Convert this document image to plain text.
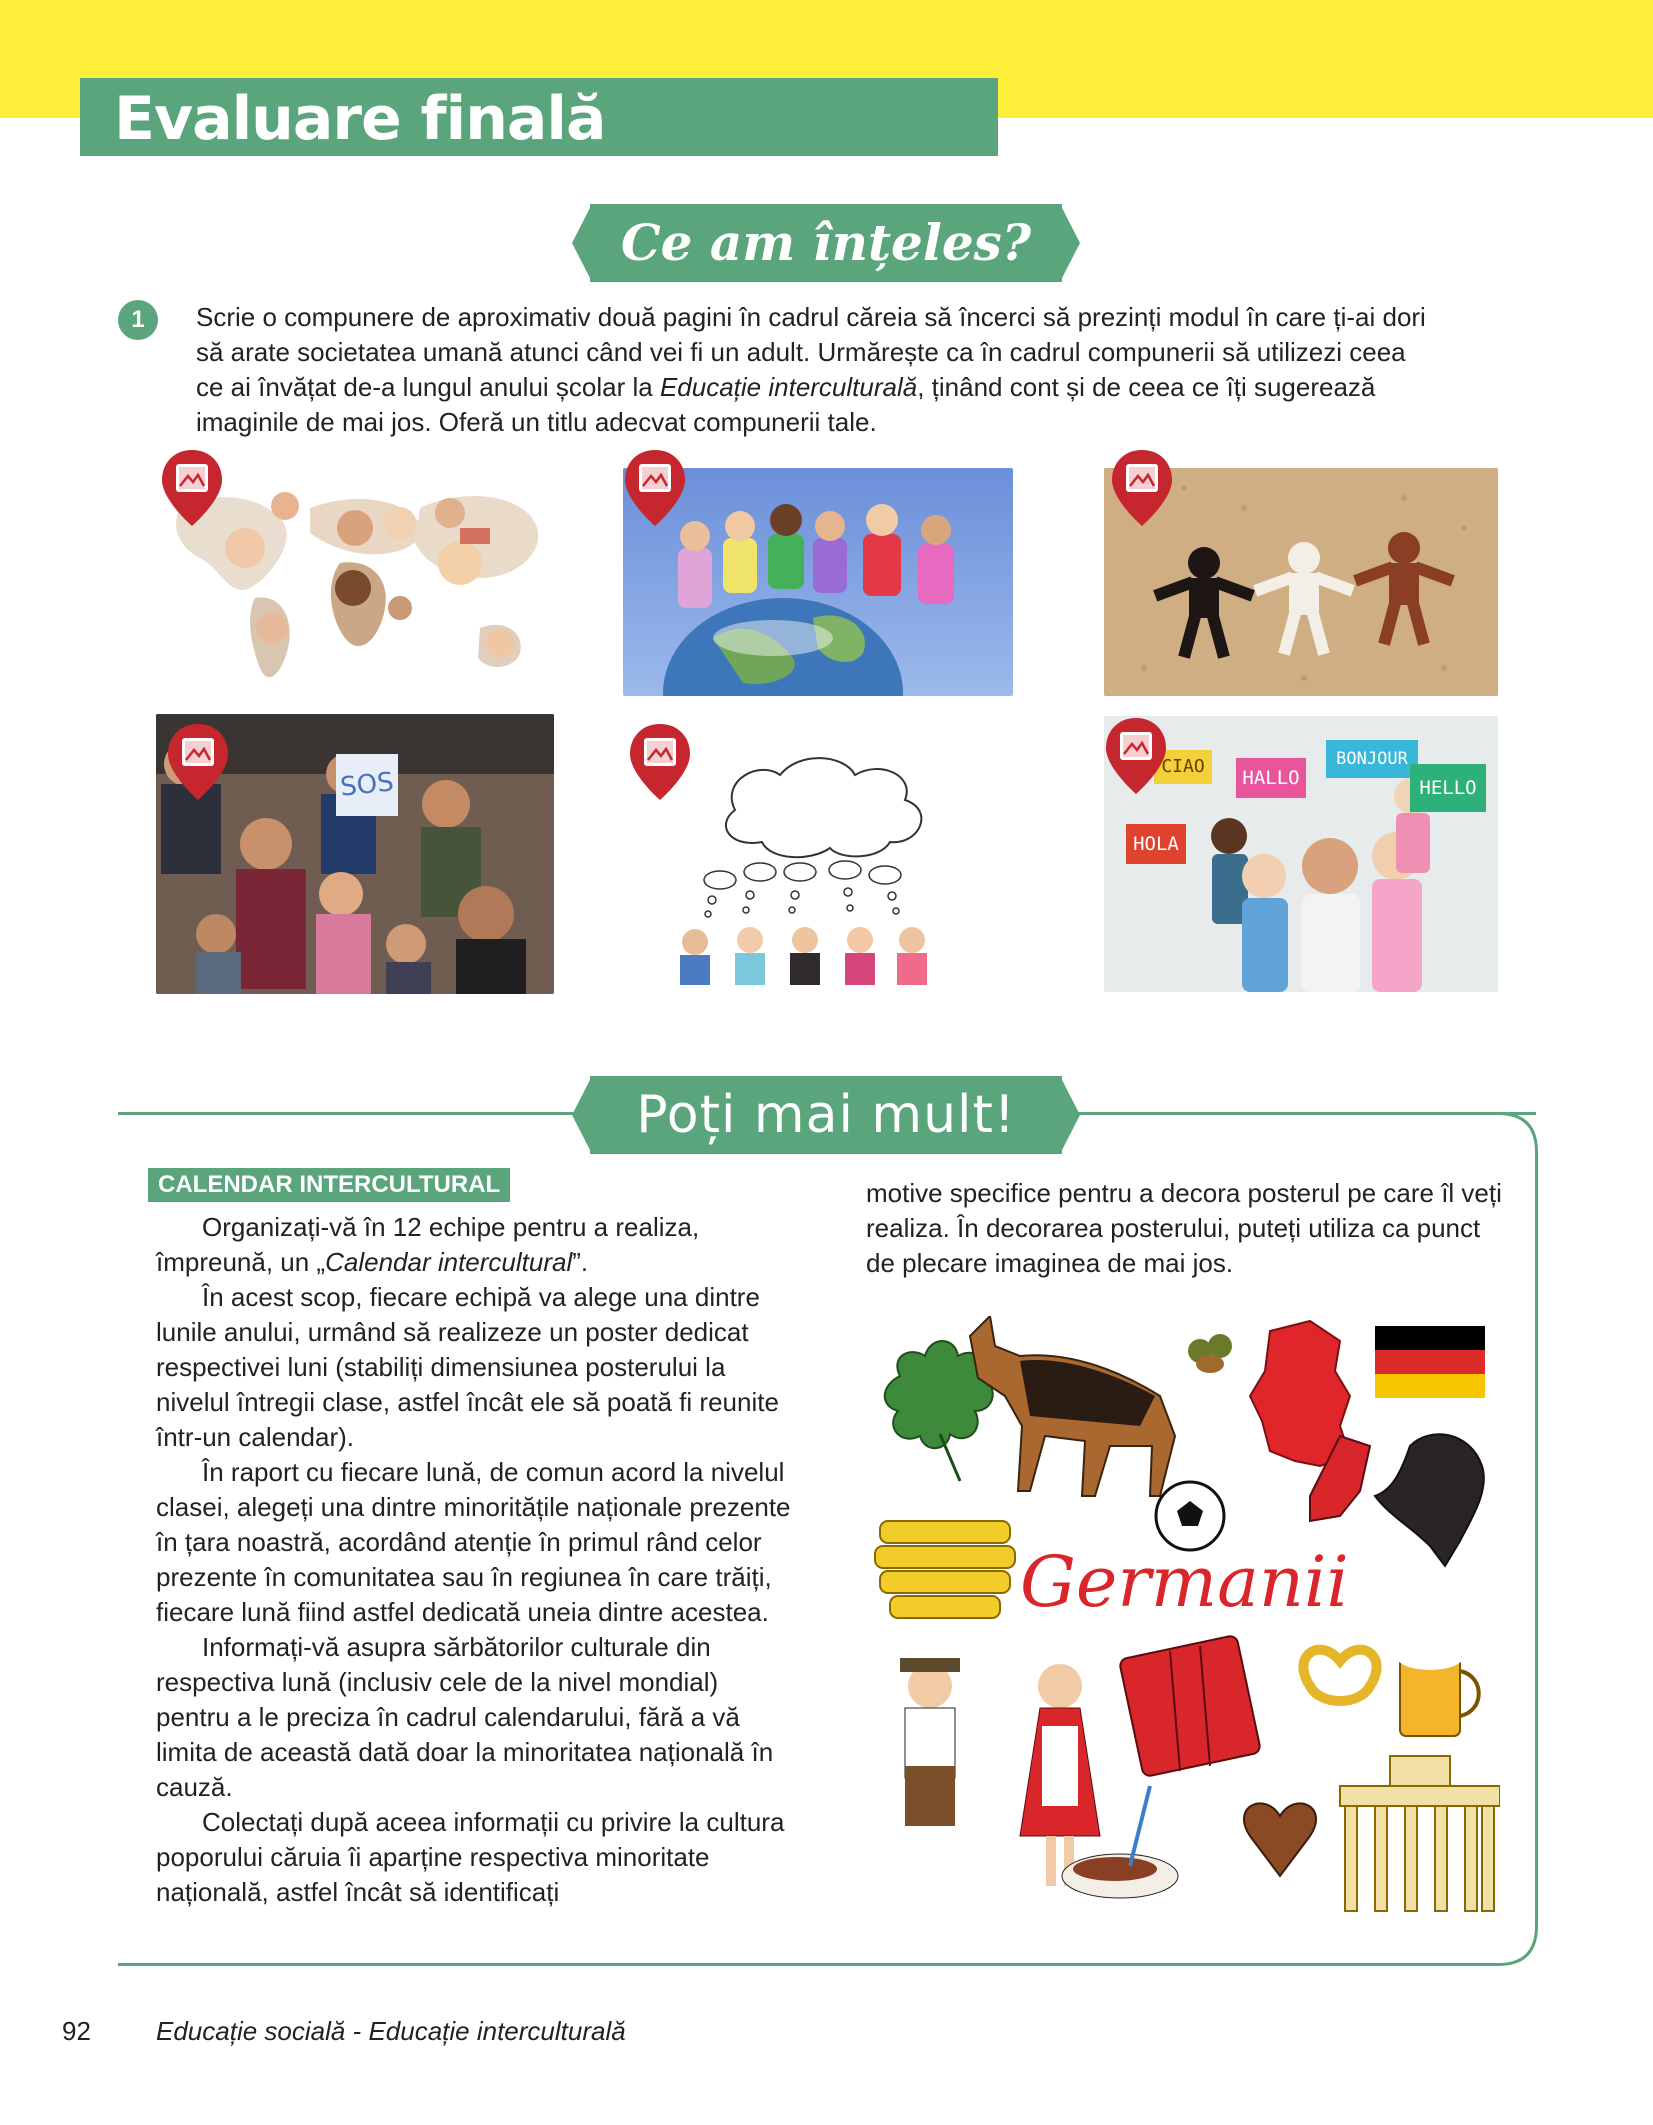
Evaluare finală
Ce am înțeles?
1	Scrie o compunere de aproximativ două pagini în cadrul căreia să încerci să prezinți modul în care ți-ai dori să arate societatea umană atunci când vei fi un adult. Urmărește ca în cadrul compunerii să utilizezi ceea ce ai învățat de-a lungul anului școlar la Educație interculturală, ținând cont și de ceea ce îți sugerează imaginile de mai jos. Oferă un titlu adecvat compunerii tale.
SOS
CIAO
HALLO
BONJOUR
HELLO
HOLA
Poți mai mult!
CALENDAR INTERCULTURAL

Organizați-vă în 12 echipe pentru a realiza, împreună, un „Calendar intercultural”.

În acest scop, fiecare echipă va alege una dintre lunile anului, urmând să realizeze un poster dedicat respectivei luni (stabiliți dimensiunea posterului la nivelul întregii clase, astfel încât ele să poată fi reunite într-un calendar).

În raport cu fiecare lună, de comun acord la nivelul clasei, alegeți una dintre minoritățile naționale prezente în țara noastră, acordând atenție în primul rând celor prezente în comunitatea sau în regiunea în care trăiți, fiecare lună fiind astfel dedicată uneia dintre acestea.

Informați-vă asupra sărbătorilor culturale din respectiva lună (inclusiv cele de la nivel mondial) pentru a le preciza în cadrul calendarului, fără a vă limita de această dată doar la minoritatea națională în cauză.

Colectați după aceea informații cu privire la cultura poporului căruia îi aparține respectiva minoritate națională, astfel încât să identificați

motive specifice pentru a decora posterul pe care îl veți realiza. În decorarea posterului, puteți utiliza ca punct de plecare imaginea de mai jos.

Germanii
92	Educație socială - Educație interculturală
